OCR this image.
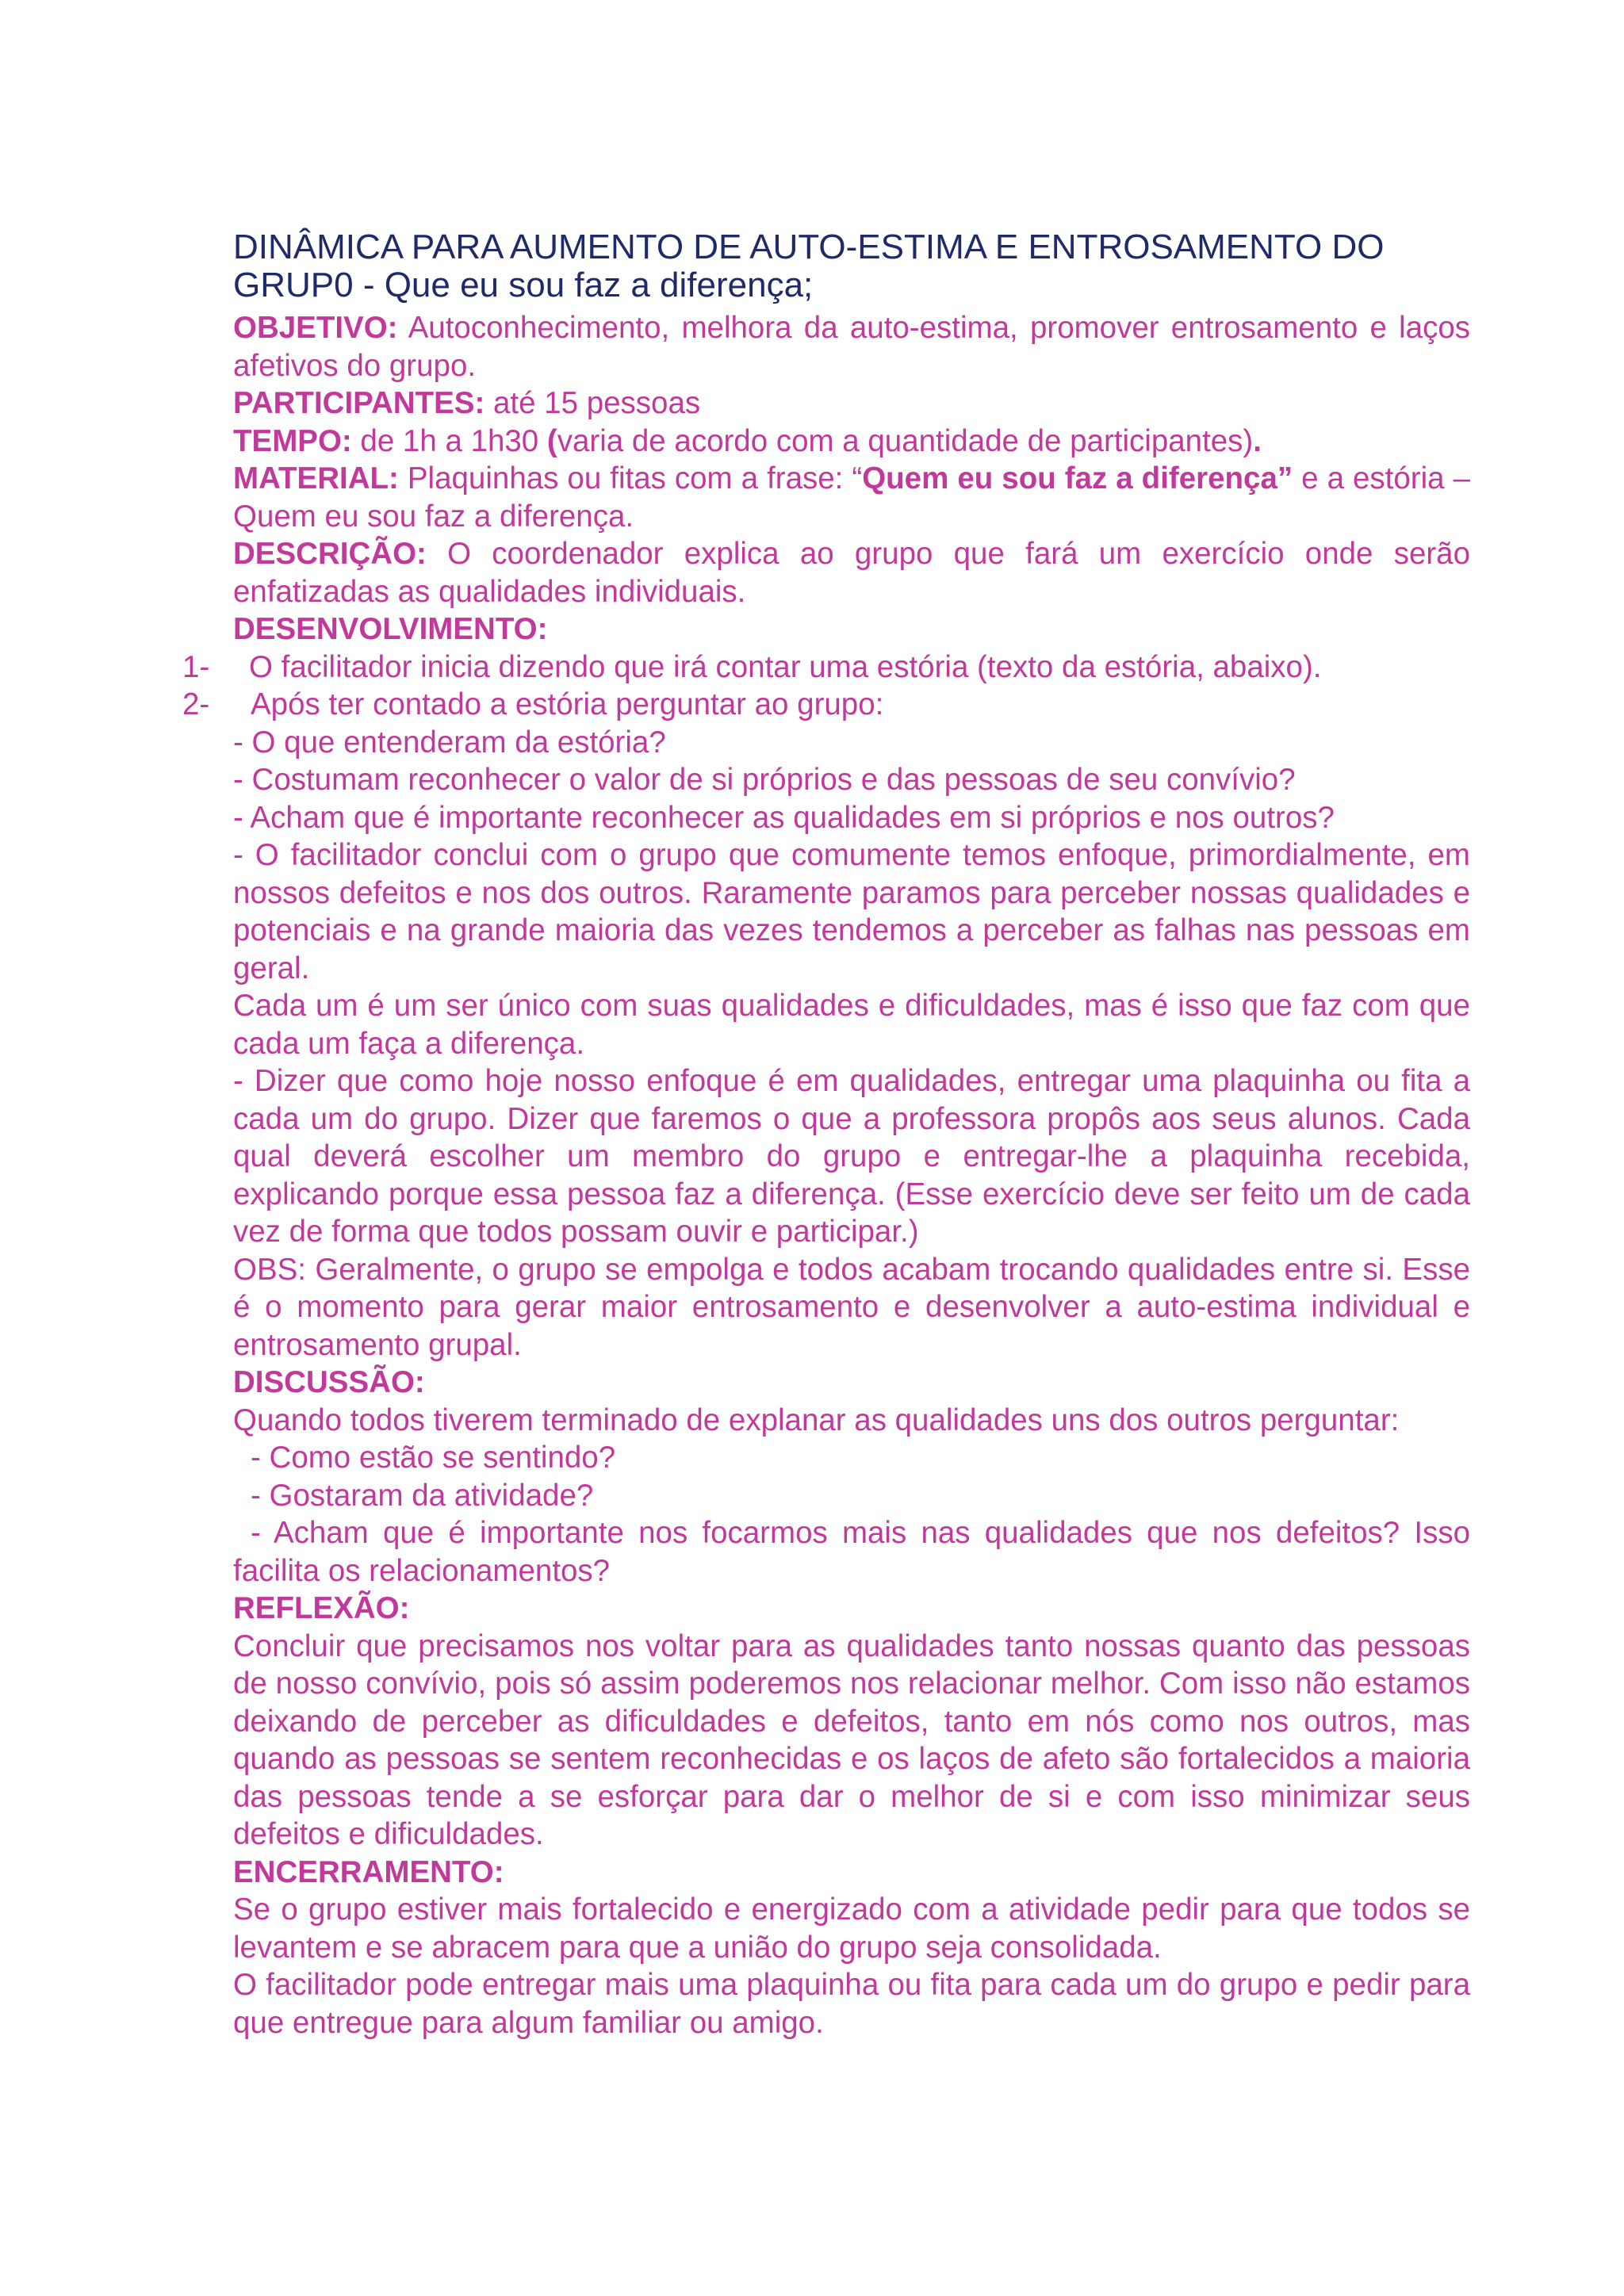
DINÂMICA PARA AUMENTO DE AUTO-ESTIMA E ENTROSAMENTO DO
GRUP0 - Que eu sou faz a diferença;

OBJETIVO: Autoconhecimento, melhora da auto-estima, promover entrosamento e laços afetivos do grupo.

PARTICIPANTES: até 15 pessoas

TEMPO: de 1h a 1h30 (varia de acordo com a quantidade de participantes).

MATERIAL: Plaquinhas ou fitas com a frase: “Quem eu sou faz a diferença” e a estória – Quem eu sou faz a diferença.

DESCRIÇÃO: O coordenador explica ao grupo que fará um exercício onde serão enfatizadas as qualidades individuais.

DESENVOLVIMENTO:

1- O facilitador inicia dizendo que irá contar uma estória (texto da estória, abaixo).
2- Após ter contado a estória perguntar ao grupo:

- O que entenderam da estória?

- Costumam reconhecer o valor de si próprios e das pessoas de seu convívio?

- Acham que é importante reconhecer as qualidades em si próprios e nos outros?

- O facilitador conclui com o grupo que comumente temos enfoque, primordialmente, em nossos defeitos e nos dos outros. Raramente paramos para perceber nossas qualidades e potenciais e na grande maioria das vezes tendemos a perceber as falhas nas pessoas em geral.

Cada um é um ser único com suas qualidades e dificuldades, mas é isso que faz com que cada um faça a diferença.

- Dizer que como hoje nosso enfoque é em qualidades, entregar uma plaquinha ou fita a cada um do grupo. Dizer que faremos o que a professora propôs aos seus alunos. Cada qual deverá escolher um membro do grupo e entregar-lhe a plaquinha recebida, explicando porque essa pessoa faz a diferença. (Esse exercício deve ser feito um de cada vez de forma que todos possam ouvir e participar.)

OBS: Geralmente, o grupo se empolga e todos acabam trocando qualidades entre si. Esse é o momento para gerar maior entrosamento e desenvolver a auto-estima individual e entrosamento grupal.

DISCUSSÃO:

Quando todos tiverem terminado de explanar as qualidades uns dos outros perguntar:

- Como estão se sentindo?

- Gostaram da atividade?

- Acham que é importante nos focarmos mais nas qualidades que nos defeitos? Isso facilita os relacionamentos?

REFLEXÃO:

Concluir que precisamos nos voltar para as qualidades tanto nossas quanto das pessoas de nosso convívio, pois só assim poderemos nos relacionar melhor. Com isso não estamos deixando de perceber as dificuldades e defeitos, tanto em nós como nos outros, mas quando as pessoas se sentem reconhecidas e os laços de afeto são fortalecidos a maioria das pessoas tende a se esforçar para dar o melhor de si e com isso minimizar seus defeitos e dificuldades.

ENCERRAMENTO:

Se o grupo estiver mais fortalecido e energizado com a atividade pedir para que todos se levantem e se abracem para que a união do grupo seja consolidada.

O facilitador pode entregar mais uma plaquinha ou fita para cada um do grupo e pedir para que entregue para algum familiar ou amigo.
